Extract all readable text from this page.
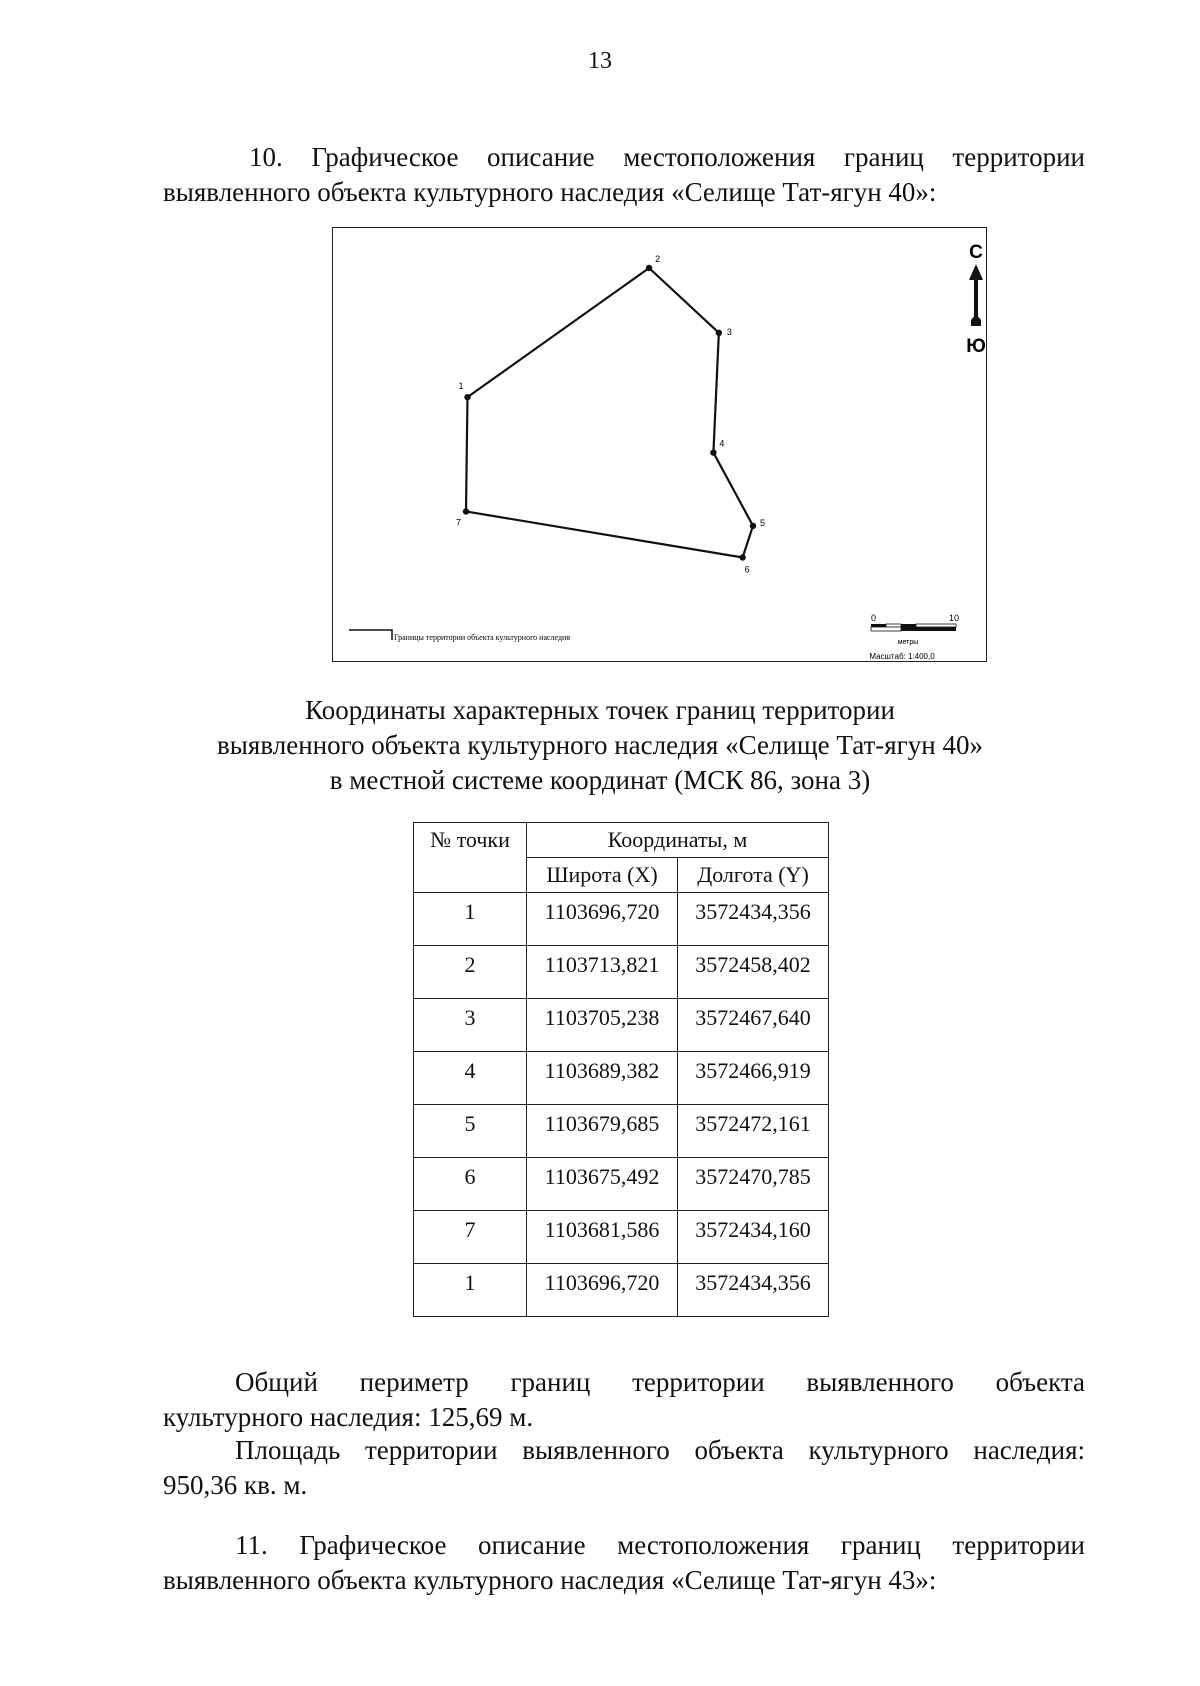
13
10. Графическое описание местоположения границ территории
выявленного объекта культурного наследия «Селище Тат-ягун 40»:
1
2
3
4
5
6
7
С
Ю
Границы территории объекта культурного наследия
0	10
метры
Масштаб: 1:400,0
Координаты характерных точек границ территории
выявленного объекта культурного наследия «Селище Тат-ягун 40»
в местной системе координат (МСК 86, зона 3)
№ точки	Координаты, м	
	Широта (X)	Долгота (Y)
1	1103696,720	3572434,356
2	1103713,821	3572458,402
3	1103705,238	3572467,640
4	1103689,382	3572466,919
5	1103679,685	3572472,161
6	1103675,492	3572470,785
7	1103681,586	3572434,160
1	1103696,720	3572434,356
Общий периметр границ территории выявленного объекта
культурного наследия: 125,69 м.
Площадь территории выявленного объекта культурного наследия:
950,36 кв. м.
11. Графическое описание местоположения границ территории
выявленного объекта культурного наследия «Селище Тат-ягун 43»:
